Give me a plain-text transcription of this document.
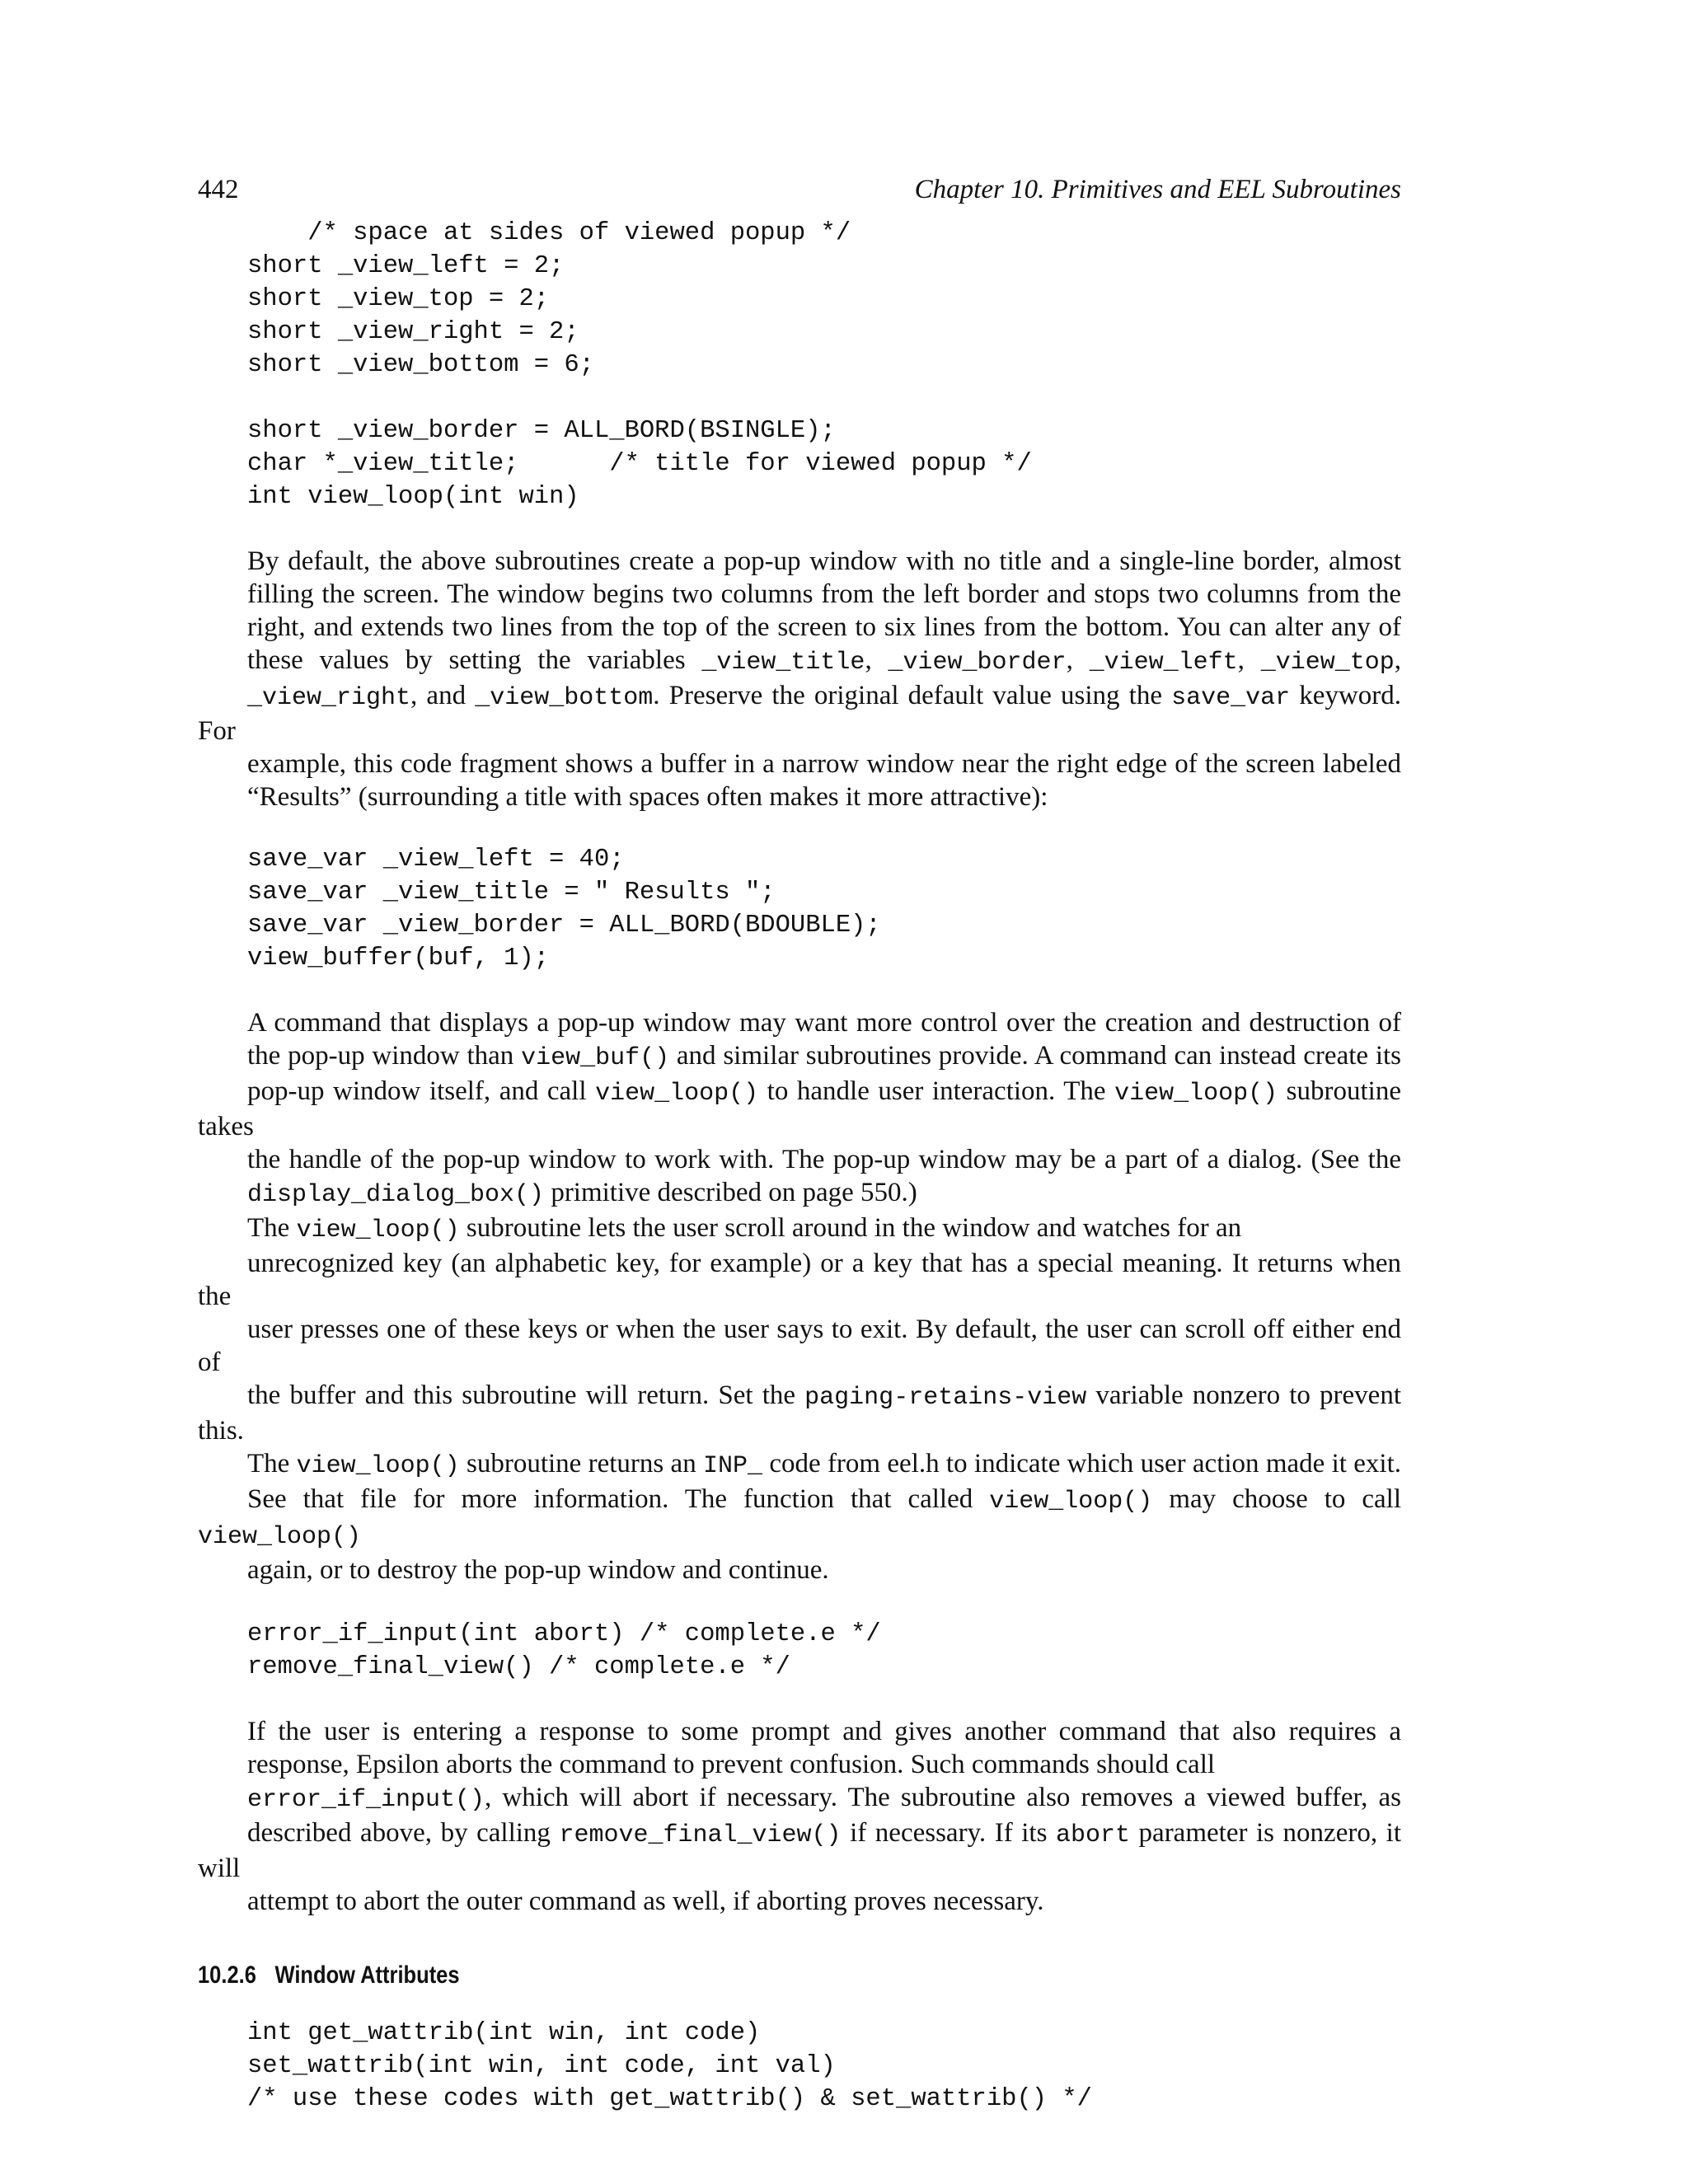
442	Chapter 10. Primitives and EEL Subroutines
/* space at sides of viewed popup */
short _view_left = 2;
short _view_top = 2;
short _view_right = 2;
short _view_bottom = 6;

short _view_border = ALL_BORD(BSINGLE);
char *_view_title;      /* title for viewed popup */
int view_loop(int win)

By default, the above subroutines create a pop-up window with no title and a single-line border, almost
filling the screen. The window begins two columns from the left border and stops two columns from the
right, and extends two lines from the top of the screen to six lines from the bottom. You can alter any of
these values by setting the variables _view_title, _view_border, _view_left, _view_top,
_view_right, and _view_bottom. Preserve the original default value using the save_var keyword. For
example, this code fragment shows a buffer in a narrow window near the right edge of the screen labeled
“Results” (surrounding a title with spaces often makes it more attractive):

save_var _view_left = 40;
save_var _view_title = " Results ";
save_var _view_border = ALL_BORD(BDOUBLE);
view_buffer(buf, 1);

A command that displays a pop-up window may want more control over the creation and destruction of
the pop-up window than view_buf() and similar subroutines provide. A command can instead create its
pop-up window itself, and call view_loop() to handle user interaction. The view_loop() subroutine takes
the handle of the pop-up window to work with. The pop-up window may be a part of a dialog. (See the
display_dialog_box() primitive described on page 550.)

The view_loop() subroutine lets the user scroll around in the window and watches for an
unrecognized key (an alphabetic key, for example) or a key that has a special meaning. It returns when the
user presses one of these keys or when the user says to exit. By default, the user can scroll off either end of
the buffer and this subroutine will return. Set the paging-retains-view variable nonzero to prevent this.
The view_loop() subroutine returns an INP_ code from eel.h to indicate which user action made it exit.
See that file for more information. The function that called view_loop() may choose to call view_loop()
again, or to destroy the pop-up window and continue.

error_if_input(int abort) /* complete.e */
remove_final_view() /* complete.e */

If the user is entering a response to some prompt and gives another command that also requires a
response, Epsilon aborts the command to prevent confusion. Such commands should call
error_if_input(), which will abort if necessary. The subroutine also removes a viewed buffer, as
described above, by calling remove_final_view() if necessary. If its abort parameter is nonzero, it will
attempt to abort the outer command as well, if aborting proves necessary.

10.2.6 Window Attributes
int get_wattrib(int win, int code)
set_wattrib(int win, int code, int val)
/* use these codes with get_wattrib() & set_wattrib() */
